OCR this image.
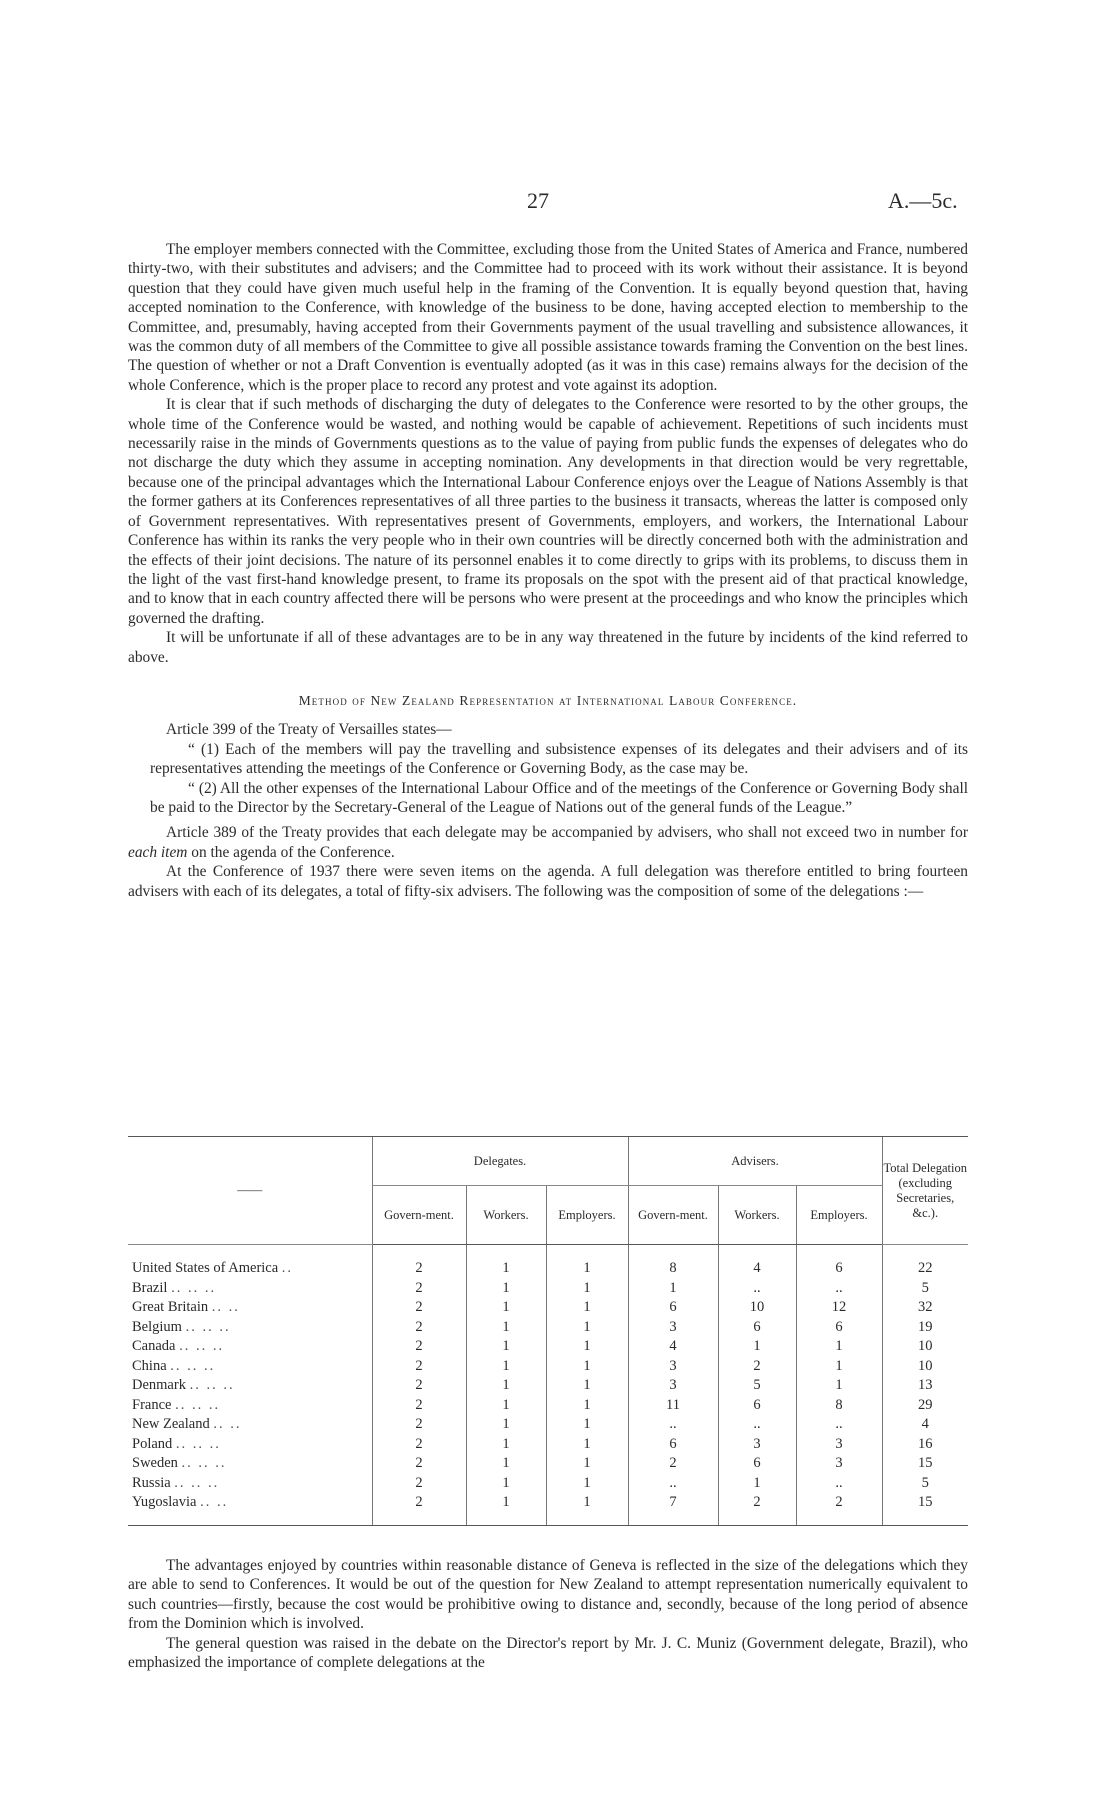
27	A.—5c.

The employer members connected with the Committee, excluding those from the United States of America and France, numbered thirty-two, with their substitutes and advisers; and the Committee had to proceed with its work without their assistance. It is beyond question that they could have given much useful help in the framing of the Convention. It is equally beyond question that, having accepted nomination to the Conference, with knowledge of the business to be done, having accepted election to membership to the Committee, and, presumably, having accepted from their Governments payment of the usual travelling and subsistence allowances, it was the common duty of all members of the Committee to give all possible assistance towards framing the Convention on the best lines. The question of whether or not a Draft Convention is eventually adopted (as it was in this case) remains always for the decision of the whole Conference, which is the proper place to record any protest and vote against its adoption.

It is clear that if such methods of discharging the duty of delegates to the Conference were resorted to by the other groups, the whole time of the Conference would be wasted, and nothing would be capable of achievement. Repetitions of such incidents must necessarily raise in the minds of Governments questions as to the value of paying from public funds the expenses of delegates who do not discharge the duty which they assume in accepting nomination. Any developments in that direction would be very regrettable, because one of the principal advantages which the International Labour Conference enjoys over the League of Nations Assembly is that the former gathers at its Conferences representatives of all three parties to the business it transacts, whereas the latter is composed only of Government representatives. With representatives present of Governments, employers, and workers, the International Labour Conference has within its ranks the very people who in their own countries will be directly concerned both with the administration and the effects of their joint decisions. The nature of its personnel enables it to come directly to grips with its problems, to discuss them in the light of the vast first-hand knowledge present, to frame its proposals on the spot with the present aid of that practical knowledge, and to know that in each country affected there will be persons who were present at the proceedings and who know the principles which governed the drafting.

It will be unfortunate if all of these advantages are to be in any way threatened in the future by incidents of the kind referred to above.

Method of New Zealand Representation at International Labour Conference.

Article 399 of the Treaty of Versailles states—

“ (1) Each of the members will pay the travelling and subsistence expenses of its delegates and their advisers and of its representatives attending the meetings of the Conference or Governing Body, as the case may be.

“ (2) All the other expenses of the International Labour Office and of the meetings of the Conference or Governing Body shall be paid to the Director by the Secretary-General of the League of Nations out of the general funds of the League.”

Article 389 of the Treaty provides that each delegate may be accompanied by advisers, who shall not exceed two in number for each item on the agenda of the Conference.

At the Conference of 1937 there were seven items on the agenda. A full delegation was therefore entitled to bring fourteen advisers with each of its delegates, a total of fifty-six advisers. The following was the composition of some of the delegations :—

——	Delegates.			Advisers.			Total Delegation (excluding Secretaries, &c.).
	Govern-ment.	Workers.	Employers.	Govern-ment.	Workers.	Employers.	

United States of America ..	2	1	1	8	4	6	22
Brazil .. .. ..	2	1	1	1	..	..	5
Great Britain .. ..	2	1	1	6	10	12	32
Belgium .. .. ..	2	1	1	3	6	6	19
Canada .. .. ..	2	1	1	4	1	1	10
China .. .. ..	2	1	1	3	2	1	10
Denmark .. .. ..	2	1	1	3	5	1	13
France .. .. ..	2	1	1	11	6	8	29
New Zealand .. ..	2	1	1	..	..	..	4
Poland .. .. ..	2	1	1	6	3	3	16
Sweden .. .. ..	2	1	1	2	6	3	15
Russia .. .. ..	2	1	1	..	1	..	5
Yugoslavia .. ..	2	1	1	7	2	2	15

The advantages enjoyed by countries within reasonable distance of Geneva is reflected in the size of the delegations which they are able to send to Conferences. It would be out of the question for New Zealand to attempt representation numerically equivalent to such countries—firstly, because the cost would be prohibitive owing to distance and, secondly, because of the long period of absence from the Dominion which is involved.

The general question was raised in the debate on the Director's report by Mr. J. C. Muniz (Government delegate, Brazil), who emphasized the importance of complete delegations at the
